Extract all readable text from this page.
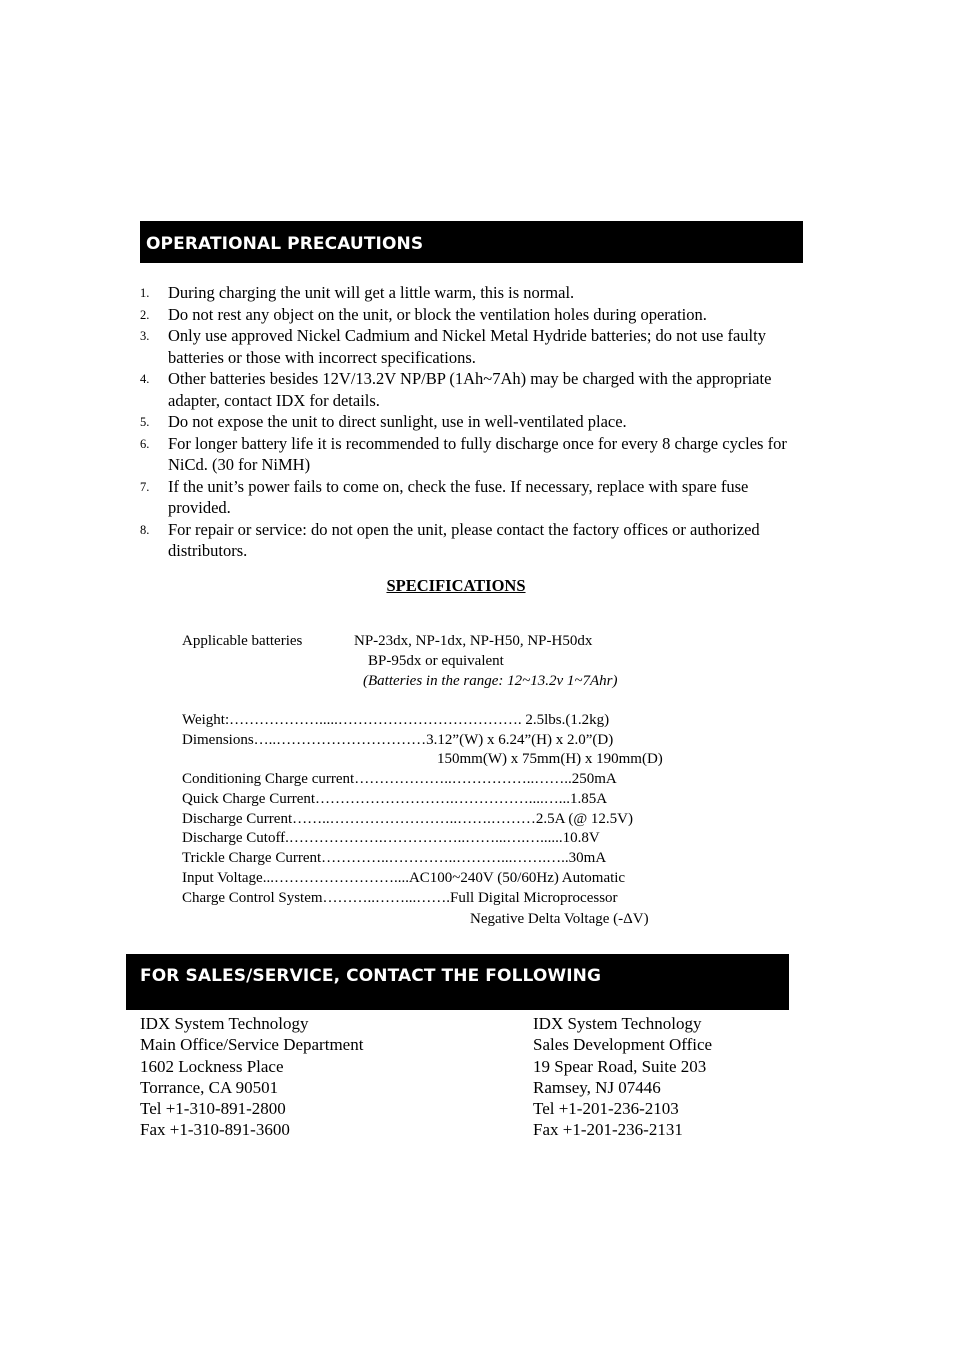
OPERATIONAL PRECAUTIONS
1. During charging the unit will get a little warm, this is normal.
2. Do not rest any object on the unit, or block the ventilation holes during operation.
3. Only use approved Nickel Cadmium and Nickel Metal Hydride batteries; do not use faulty batteries or those with incorrect specifications.
4. Other batteries besides 12V/13.2V NP/BP (1Ah~7Ah) may be charged with the appropriate adapter, contact IDX for details.
5. Do not expose the unit to direct sunlight, use in well-ventilated place.
6. For longer battery life it is recommended to fully discharge once for every 8 charge cycles for NiCd. (30 for NiMH)
7. If the unit’s power fails to come on, check the fuse. If necessary, replace with spare fuse provided.
8. For repair or service: do not open the unit, please contact the factory offices or authorized distributors.
SPECIFICATIONS
Applicable batteries	NP-23dx, NP-1dx, NP-H50, NP-H50dx
BP-95dx or equivalent
(Batteries in the range: 12~13.2v 1~7Ahr)
Weight:……………….....………………………………. 2.5lbs.(1.2kg)
Dimensions…..…………………………3.12”(W) x 6.24”(H) x 2.0”(D)
150mm(W) x 75mm(H) x 190mm(D)
Conditioning Charge current………………..……………..……..250mA
Quick Charge Current……………………….……………....…...1.85A
Discharge Current……..……………………..…….………2.5A (@ 12.5V)
Discharge Cutoff.……………….……………..……...….…......10.8V
Trickle Charge Current…………..…………..………...…….…..30mA
Input Voltage...……………………....AC100~240V (50/60Hz) Automatic
Charge Control System………..……...…….Full Digital Microprocessor
Negative Delta Voltage (-ΔV)
FOR SALES/SERVICE, CONTACT THE FOLLOWING
IDX System Technology
Main Office/Service Department
1602 Lockness Place
Torrance, CA 90501
Tel +1-310-891-2800
Fax +1-310-891-3600
IDX System Technology
Sales Development Office
19 Spear Road, Suite 203
Ramsey, NJ 07446
Tel +1-201-236-2103
Fax +1-201-236-2131
